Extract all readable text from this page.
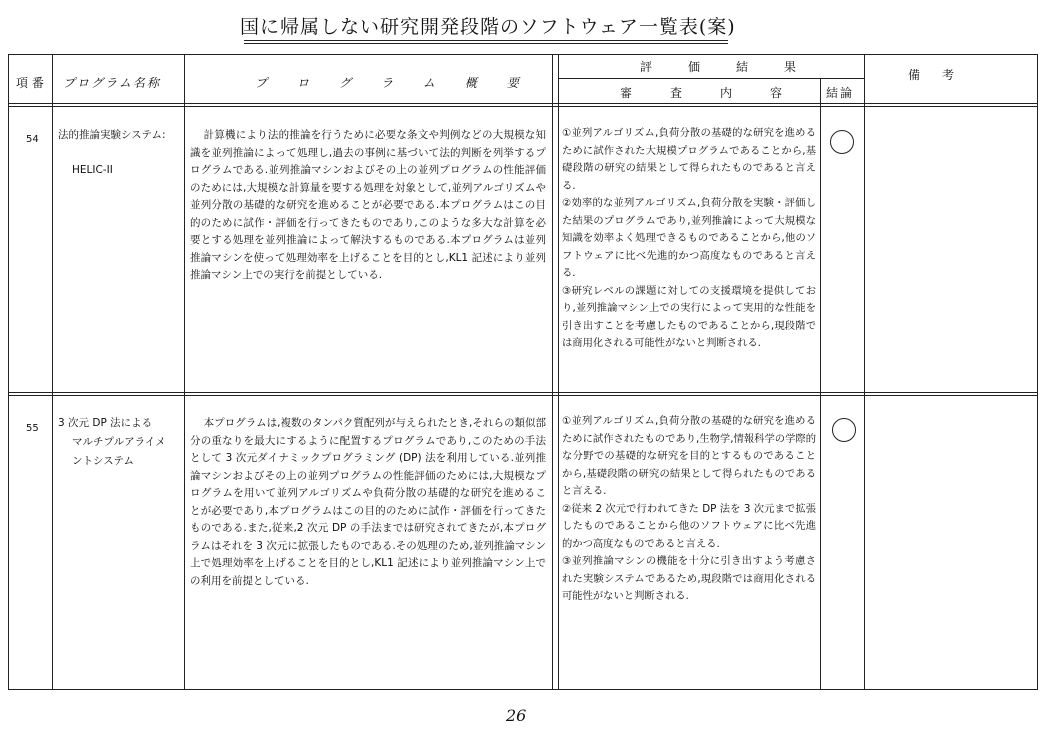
国に帰属しない研究開発段階のソフトウェア一覧表(案)
項 番 プログラム名称	プログラム概要
評価結果
審査内容 結論
備考
54 法的推論実験システム:
HELIC-II
計算機により法的推論を行うために必要な条文や判例などの大規模な知識を並列推論によって処理し,過去の事例に基づいて法的判断を列挙するプログラムである.並列推論マシンおよびその上の並列プログラムの性能評価のためには,大規模な計算量を要する処理を対象として,並列アルゴリズムや並列分散の基礎的な研究を進めることが必要である.本プログラムはこの目的のために試作・評価を行ってきたものであり,このような多大な計算を必要とする処理を並列推論によって解決するものである.本プログラムは並列推論マシンを使って処理効率を上げることを目的とし,KL1 記述により並列推論マシン上での実行を前提としている.

①並列アルゴリズム,負荷分散の基礎的な研究を進めるために試作された大規模プログラムであることから,基礎段階の研究の結果として得られたものであると言える.

②効率的な並列アルゴリズム,負荷分散を実験・評価した結果のプログラムであり,並列推論によって大規模な知識を効率よく処理できるものであることから,他のソフトウェアに比べ先進的かつ高度なものであると言える.

③研究レベルの課題に対しての支援環境を提供しており,並列推論マシン上での実行によって実用的な性能を引き出すことを考慮したものであることから,現段階では商用化される可能性がないと判断される.

55 3 次元 DP 法による
マルチプルアライメ
ントシステム
本プログラムは,複数のタンパク質配列が与えられたとき,それらの類似部分の重なりを最大にするように配置するプログラムであり,このための手法として 3 次元ダイナミックプログラミング (DP) 法を利用している.並列推論マシンおよびその上の並列プログラムの性能評価のためには,大規模なプログラムを用いて並列アルゴリズムや負荷分散の基礎的な研究を進めることが必要であり,本プログラムはこの目的のために試作・評価を行ってきたものである.また,従来,2 次元 DP の手法までは研究されてきたが,本プログラムはそれを 3 次元に拡張したものである.その処理のため,並列推論マシン上で処理効率を上げることを目的とし,KL1 記述により並列推論マシン上での利用を前提としている.

①並列アルゴリズム,負荷分散の基礎的な研究を進めるために試作されたものであり,生物学,情報科学の学際的な分野での基礎的な研究を目的とするものであることから,基礎段階の研究の結果として得られたものであると言える.

②従来 2 次元で行われてきた DP 法を 3 次元まで拡張したものであることから他のソフトウェアに比べ先進的かつ高度なものであると言える.

③並列推論マシンの機能を十分に引き出すよう考慮された実験システムであるため,現段階では商用化される可能性がないと判断される.

26
